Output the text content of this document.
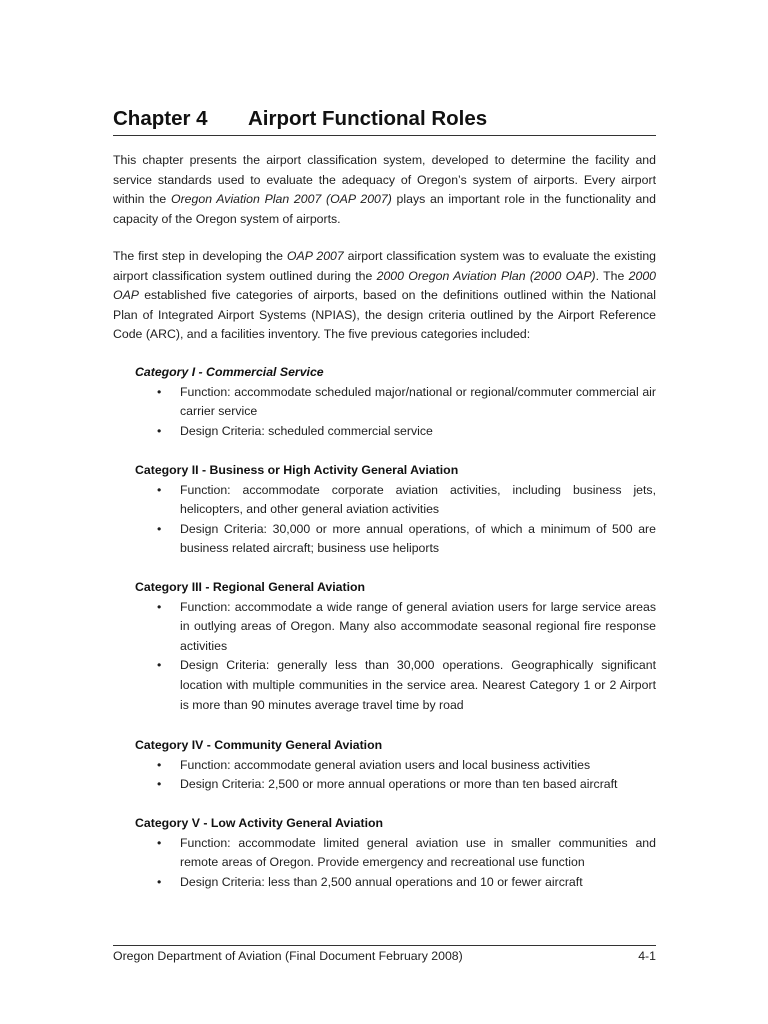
Chapter 4 Airport Functional Roles

This chapter presents the airport classification system, developed to determine the facility and service standards used to evaluate the adequacy of Oregon’s system of airports. Every airport within the Oregon Aviation Plan 2007 (OAP 2007) plays an important role in the functionality and capacity of the Oregon system of airports.

The first step in developing the OAP 2007 airport classification system was to evaluate the existing airport classification system outlined during the 2000 Oregon Aviation Plan (2000 OAP). The 2000 OAP established five categories of airports, based on the definitions outlined within the National Plan of Integrated Airport Systems (NPIAS), the design criteria outlined by the Airport Reference Code (ARC), and a facilities inventory. The five previous categories included:

Category I - Commercial Service
• Function: accommodate scheduled major/national or regional/commuter commercial air carrier service
• Design Criteria: scheduled commercial service
Category II - Business or High Activity General Aviation
• Function: accommodate corporate aviation activities, including business jets, helicopters, and other general aviation activities
• Design Criteria: 30,000 or more annual operations, of which a minimum of 500 are business related aircraft; business use heliports
Category III - Regional General Aviation
• Function: accommodate a wide range of general aviation users for large service areas in outlying areas of Oregon. Many also accommodate seasonal regional fire response activities
• Design Criteria: generally less than 30,000 operations. Geographically significant location with multiple communities in the service area. Nearest Category 1 or 2 Airport is more than 90 minutes average travel time by road
Category IV - Community General Aviation
• Function: accommodate general aviation users and local business activities
• Design Criteria: 2,500 or more annual operations or more than ten based aircraft
Category V - Low Activity General Aviation
• Function: accommodate limited general aviation use in smaller communities and remote areas of Oregon. Provide emergency and recreational use function
• Design Criteria: less than 2,500 annual operations and 10 or fewer aircraft
Oregon Department of Aviation (Final Document February 2008)	4-1
